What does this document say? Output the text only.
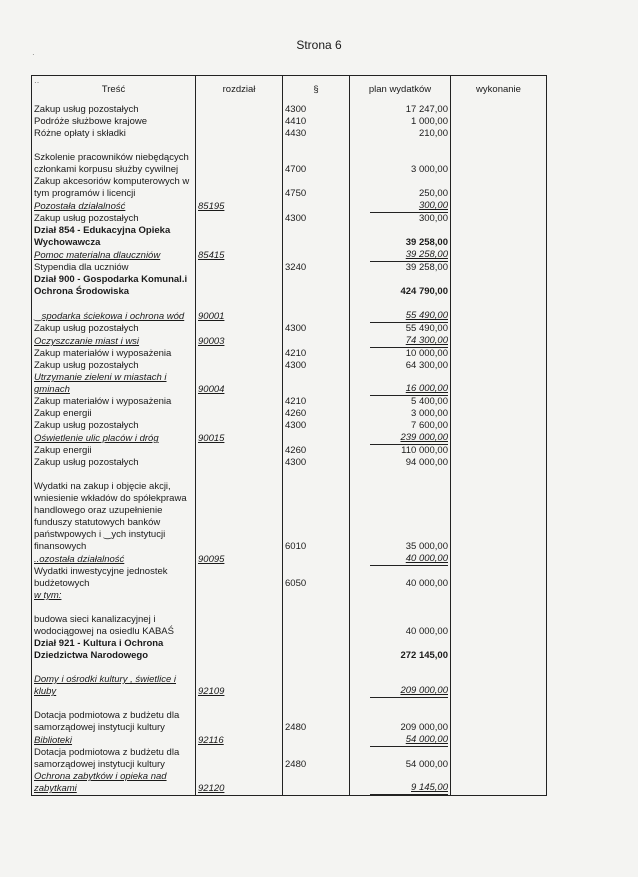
Strona 6
·
‥
Treść	rozdział	§	plan wydatków	wykonanie
Zakup usług pozostałych		4300	17 247,00	
Podróże służbowe krajowe		4410	1 000,00	
Różne opłaty i składki		4430	210,00	

Szkolenie pracowników niebędących członkami korpusu służby cywilnej		4700	3 000,00	
Zakup akcesoriów komputerowych w tym programów i licencji		4750	250,00	
Pozostała działalność	85195		300,00	
Zakup usług pozostałych		4300	300,00	
Dział 854 - Edukacyjna Opieka Wychowawcza			39 258,00	
Pomoc materialna dlauczniów	85415		39 258,00	
Stypendia dla uczniów		3240	39 258,00	
Dział 900 - Gospodarka Komunal.i Ochrona Środowiska			424 790,00	

‿spodarka ściekowa i ochrona wód	90001		55 490,00	
Zakup usług pozostałych		4300	55 490,00	
Oczyszczanie miast i wsi	90003		74 300,00	
Zakup materiałów i wyposażenia		4210	10 000,00	
Zakup usług pozostałych		4300	64 300,00	
Utrzymanie zieleni w miastach i gminach	90004		16 000,00	
Zakup materiałów i wyposażenia		4210	5 400,00	
Zakup energii		4260	3 000,00	
Zakup usług pozostałych		4300	7 600,00	
Oświetlenie ulic placów i dróg	90015		239 000,00	
Zakup energii		4260	110 000,00	
Zakup usług pozostałych		4300	94 000,00	

Wydatki na zakup i objęcie akcji, wniesienie wkładów do spółekprawa handlowego oraz uzupełnienie funduszy statutowych banków państwpowych i ‿ych instytucji finansowych		6010	35 000,00	
..ozostała działalność	90095		40 000,00	
Wydatki inwestycyjne jednostek budżetowych		6050	40 000,00	
w tym:				

budowa sieci kanalizacyjnej i wodociągowej na osiedlu KABAŚ			40 000,00	
Dział 921 - Kultura i Ochrona Dziedzictwa Narodowego			272 145,00	

Domy i ośrodki kultury , świetlice i kluby	92109		209 000,00	

Dotacja podmiotowa z budżetu dla samorządowej instytucji kultury		2480	209 000,00	
Biblioteki	92116		54 000,00	
Dotacja podmiotowa z budżetu dla samorządowej instytucji kultury		2480	54 000,00	
Ochrona zabytków i opieka nad zabytkami	92120		9 145,00	
